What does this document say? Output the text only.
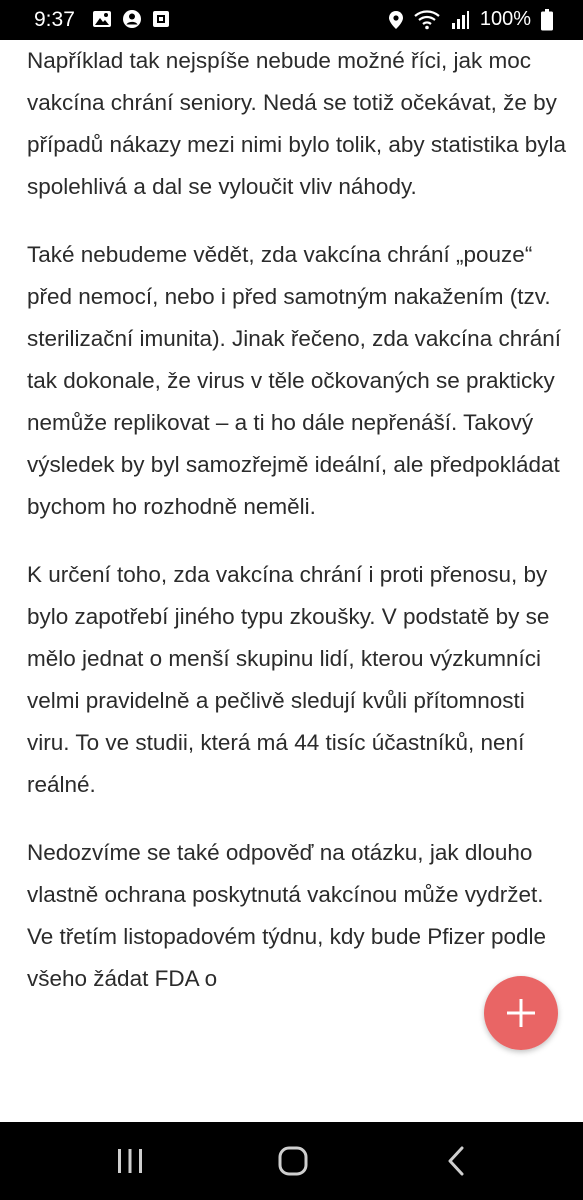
9:37	100%

Například tak nejspíše nebude možné říci, jak moc vakcína chrání seniory. Nedá se totiž očekávat, že by případů nákazy mezi nimi bylo tolik, aby statistika byla spolehlivá a dal se vyloučit vliv náhody.

Také nebudeme vědět, zda vakcína chrání „pouze“ před nemocí, nebo i před samotným nakažením (tzv. sterilizační imunita). Jinak řečeno, zda vakcína chrání tak dokonale, že virus v těle očkovaných se prakticky nemůže replikovat – a ti ho dále nepřenáší. Takový výsledek by byl samozřejmě ideální, ale předpokládat bychom ho rozhodně neměli.

K určení toho, zda vakcína chrání i proti přenosu, by bylo zapotřebí jiného typu zkoušky. V podstatě by se mělo jednat o menší skupinu lidí, kterou výzkumníci velmi pravidelně a pečlivě sledují kvůli přítomnosti viru. To ve studii, která má 44 tisíc účastníků, není reálné.

Nedozvíme se také odpověď na otázku, jak dlouho vlastně ochrana poskytnutá vakcínou může vydržet. Ve třetím listopadovém týdnu, kdy bude Pfizer podle všeho žádat FDA o
